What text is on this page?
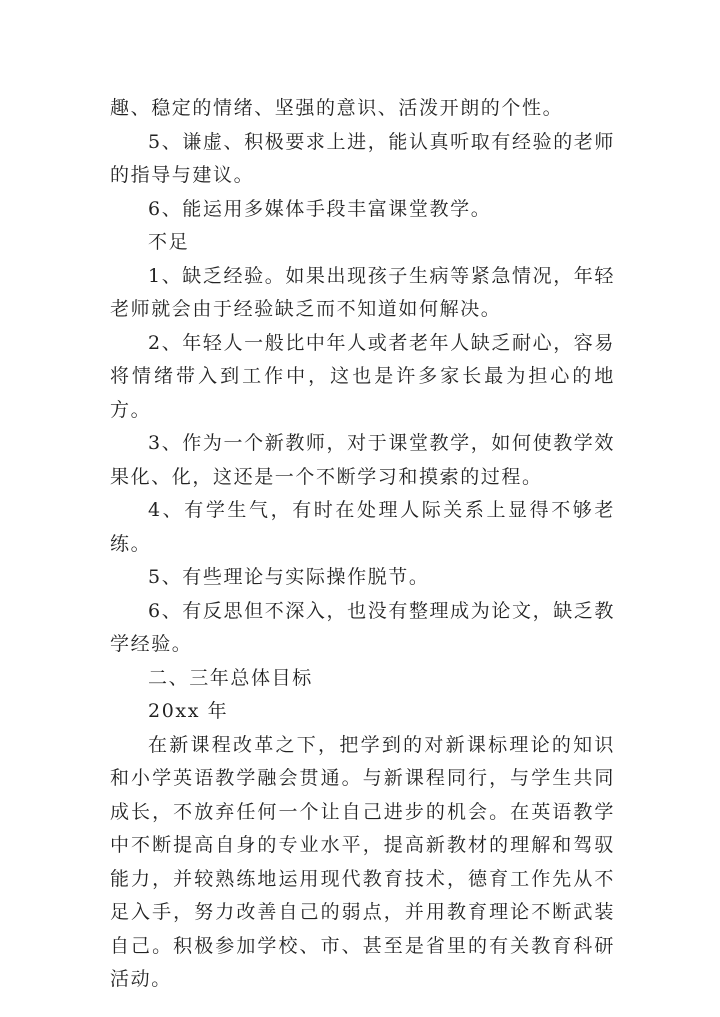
趣、稳定的情绪、坚强的意识、活泼开朗的个性。

5、谦虚、积极要求上进，能认真听取有经验的老师的指导与建议。

6、能运用多媒体手段丰富课堂教学。

不足

1、缺乏经验。如果出现孩子生病等紧急情况，年轻老师就会由于经验缺乏而不知道如何解决。

2、年轻人一般比中年人或者老年人缺乏耐心，容易将情绪带入到工作中，这也是许多家长最为担心的地方。

3、作为一个新教师，对于课堂教学，如何使教学效果化、化，这还是一个不断学习和摸索的过程。

4、有学生气，有时在处理人际关系上显得不够老练。

5、有些理论与实际操作脱节。

6、有反思但不深入，也没有整理成为论文，缺乏教学经验。

二、三年总体目标

20xx 年

在新课程改革之下，把学到的对新课标理论的知识和小学英语教学融会贯通。与新课程同行，与学生共同成长，不放弃任何一个让自己进步的机会。在英语教学中不断提高自身的专业水平，提高新教材的理解和驾驭能力，并较熟练地运用现代教育技术，德育工作先从不足入手，努力改善自己的弱点，并用教育理论不断武装自己。积极参加学校、市、甚至是省里的有关教育科研活动。
